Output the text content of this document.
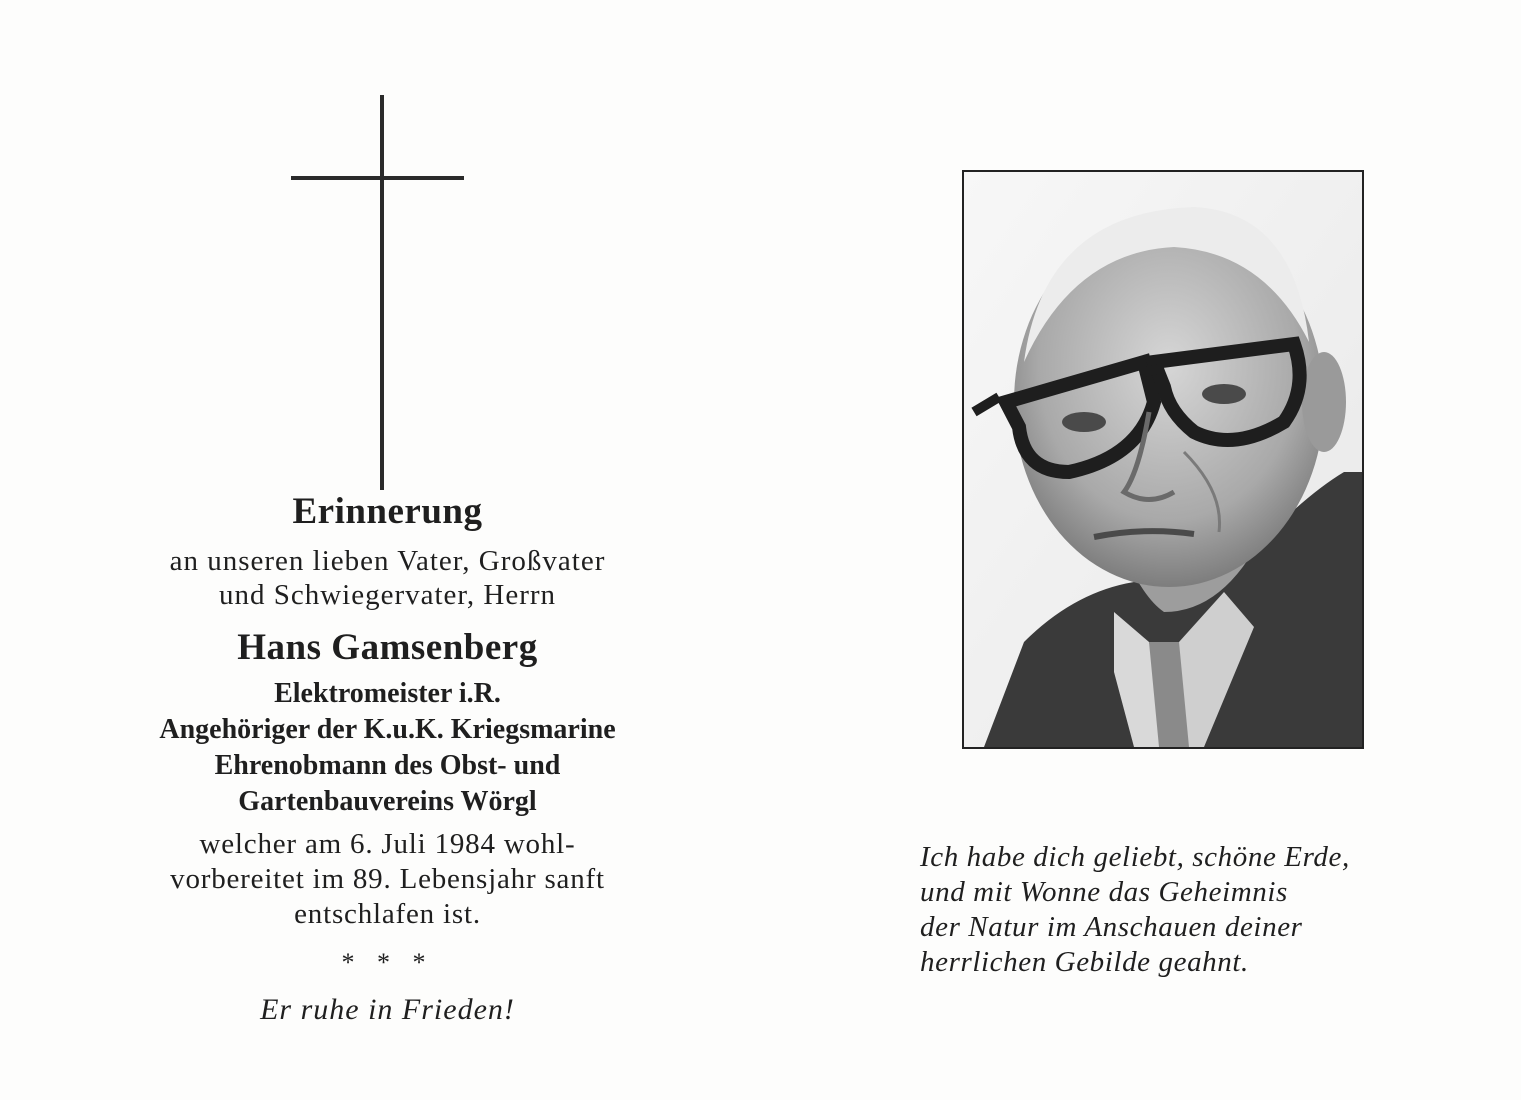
Erinnerung
an unseren lieben Vater, Großvater
und Schwiegervater, Herrn
Hans Gamsenberg
Elektromeister i.R.
Angehöriger der K.u.K. Kriegsmarine
Ehrenobmann des Obst- und
Gartenbauvereins Wörgl
welcher am 6. Juli 1984 wohl-
vorbereitet im 89. Lebensjahr sanft
entschlafen ist.
* * *
Er ruhe in Frieden!
Ich habe dich geliebt, schöne Erde,
und mit Wonne das Geheimnis
der Natur im Anschauen deiner
herrlichen Gebilde geahnt.
